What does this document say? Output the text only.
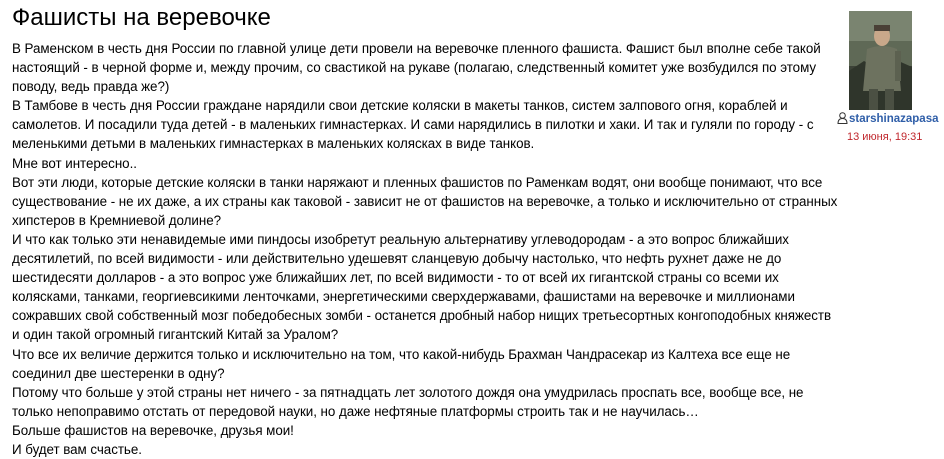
Фашисты на веревочке

В Раменском в честь дня России по главной улице дети провели на веревочке пленного фашиста. Фашист был вполне себе такой настоящий - в черной форме и, между прочим, со свастикой на рукаве (полагаю, следственный комитет уже возбудился по этому поводу, ведь правда же?)

В Тамбове в честь дня России граждане нарядили свои детские коляски в макеты танков, систем залпового огня, кораблей и самолетов. И посадили туда детей - в маленьких гимнастерках. И сами нарядились в пилотки и хаки. И так и гуляли по городу - с меленькими детьми в маленьких гимнастерках в маленьких колясках в виде танков.

Мне вот интересно..

Вот эти люди, которые детские коляски в танки наряжают и пленных фашистов по Раменкам водят, они вообще понимают, что все существование - не их даже, а их страны как таковой - зависит не от фашистов на веревочке, а только и исключительно от странных хипстеров в Кремниевой долине?

И что как только эти ненавидемые ими пиндосы изобретут реальную альтернативу углеводородам - а это вопрос ближайших десятилетий, по всей видимости - или действительно удешевят сланцевую добычу настолько, что нефть рухнет даже не до шестидесяти долларов - а это вопрос уже ближайших лет, по всей видимости - то от всей их гигантской страны со всеми их колясками, танками, георгиевсикими ленточками, энергетическими сверхдержавами, фашистами на веревочке и миллионами сожравших свой собственный мозг победобесных зомби - останется дробный набор нищих третьесортных конгоподобных княжеств и один такой огромный гигантский Китай за Уралом?

Что все их величие держится только и исключительно на том, что какой-нибудь Брахман Чандрасекар из Калтеха все еще не соединил две шестеренки в одну?

Потому что больше у этой страны нет ничего - за пятнадцать лет золотого дождя она умудрилась проспать все, вообще все, не только непоправимо отстать от передовой науки, но даже нефтяные платформы строить так и не научилась…

Больше фашистов на веревочке, друзья мои!

И будет вам счастье.

starshinazapasa
13 июня, 19:31
